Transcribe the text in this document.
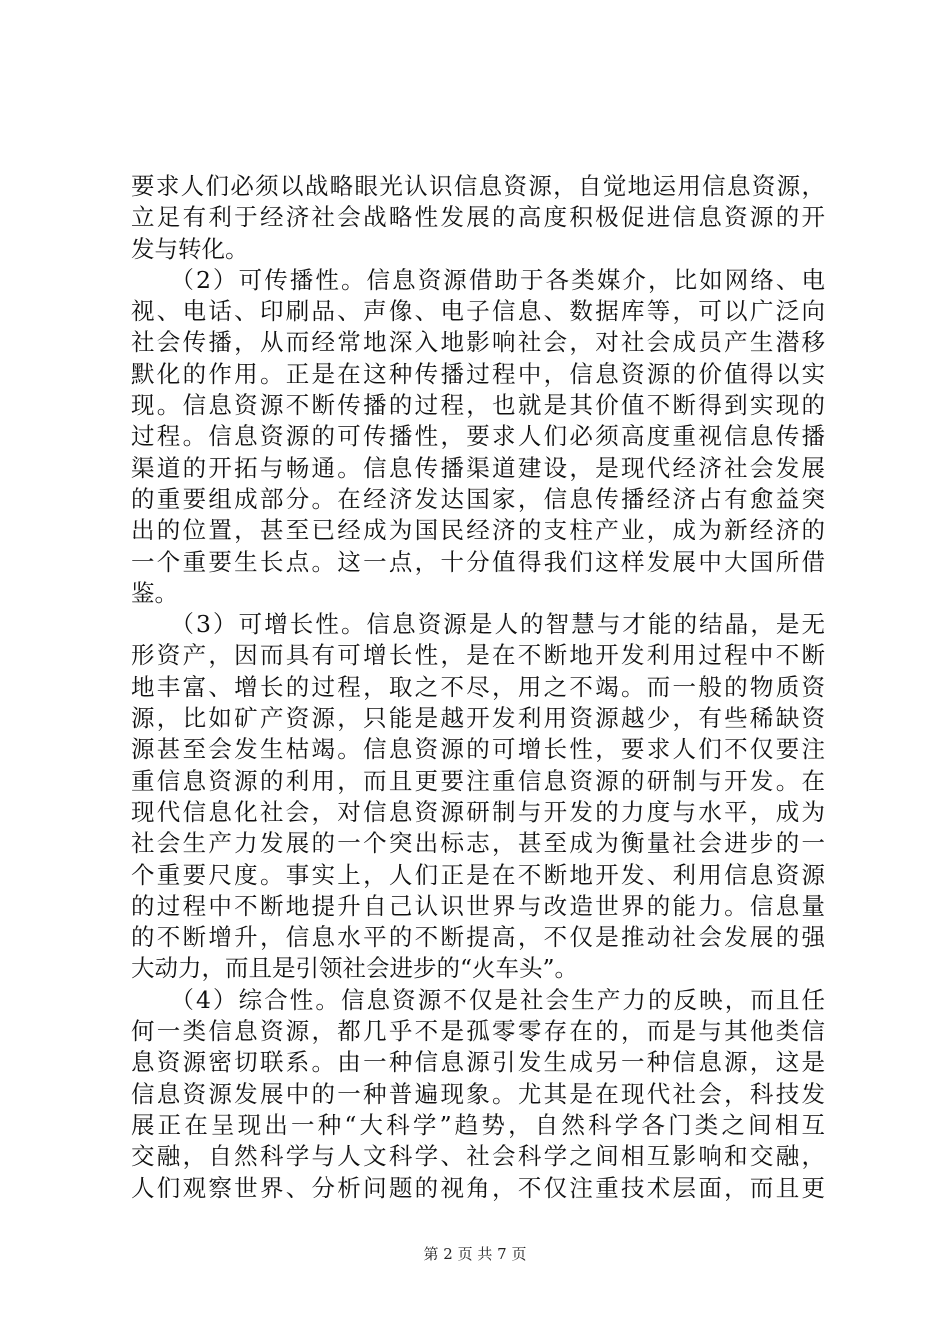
要求人们必须以战略眼光认识信息资源，自觉地运用信息资源，
立足有利于经济社会战略性发展的高度积极促进信息资源的开
发与转化。
　　（2）可传播性。信息资源借助于各类媒介，比如网络、电
视、电话、印刷品、声像、电子信息、数据库等，可以广泛向
社会传播，从而经常地深入地影响社会，对社会成员产生潜移
默化的作用。正是在这种传播过程中，信息资源的价值得以实
现。信息资源不断传播的过程，也就是其价值不断得到实现的
过程。信息资源的可传播性，要求人们必须高度重视信息传播
渠道的开拓与畅通。信息传播渠道建设，是现代经济社会发展
的重要组成部分。在经济发达国家，信息传播经济占有愈益突
出的位置，甚至已经成为国民经济的支柱产业，成为新经济的
一个重要生长点。这一点，十分值得我们这样发展中大国所借
鉴。
　　（3）可增长性。信息资源是人的智慧与才能的结晶，是无
形资产，因而具有可增长性，是在不断地开发利用过程中不断
地丰富、增长的过程，取之不尽，用之不竭。而一般的物质资
源，比如矿产资源，只能是越开发利用资源越少，有些稀缺资
源甚至会发生枯竭。信息资源的可增长性，要求人们不仅要注
重信息资源的利用，而且更要注重信息资源的研制与开发。在
现代信息化社会，对信息资源研制与开发的力度与水平，成为
社会生产力发展的一个突出标志，甚至成为衡量社会进步的一
个重要尺度。事实上，人们正是在不断地开发、利用信息资源
的过程中不断地提升自己认识世界与改造世界的能力。信息量
的不断增升，信息水平的不断提高，不仅是推动社会发展的强
大动力，而且是引领社会进步的“火车头”。
　　（4）综合性。信息资源不仅是社会生产力的反映，而且任
何一类信息资源，都几乎不是孤零零存在的，而是与其他类信
息资源密切联系。由一种信息源引发生成另一种信息源，这是
信息资源发展中的一种普遍现象。尤其是在现代社会，科技发
展正在呈现出一种“大科学”趋势，自然科学各门类之间相互
交融，自然科学与人文科学、社会科学之间相互影响和交融，
人们观察世界、分析问题的视角，不仅注重技术层面，而且更
第 2 页 共 7 页
